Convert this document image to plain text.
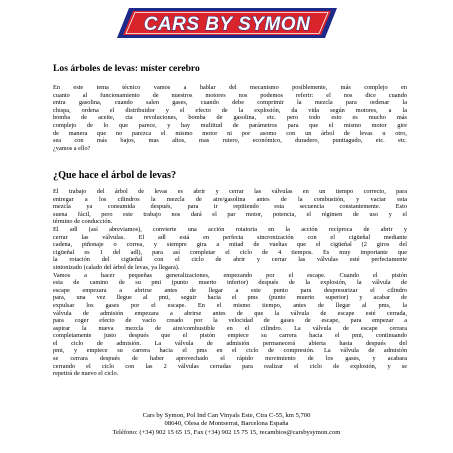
CARS BY SYMON
Los árboles de levas: míster cerebro
En este tema técnico vamos a hablar del mecanismo posiblemente, más complejo en
cuanto al funcionamiento de nuestros motores nos podemos referir: el nos dice cuando
entra gasolina, cuando salen gases, cuando debe comprimir la mezcla para ordenar la
chispa, ordena el distribuidor y el efecto de la explosión, da vida según motores, a la
bomba de aceite, cta revoluciones, bomba de gasolina, etc. pero todo esto es mucho más
complejo de lo que parece, y hay multitud de parámetros para que el mismo motor gire
de manera que no parezca el mismo motor ni por asomo con un árbol de levas u otro,
sea con más bajos, mas altos, mas rutero, económico, duradero, puntiagudo, etc. etc.
¿vamos a ello?
¿Que hace el árbol de levas?
El trabajo del árbol de levas es abrir y cerrar las válvulas en un tiempo correcto, para
entregar a los cilindros la mezcla de aire/gasolina antes de la combustión, y vaciar esta
mezcla ya consumida después, para ir repitiendo esta secuencia constantemente. Esto
suena fácil, pero este trabajo nos dará el par motor, potencia, el régimen de uso y el
término de conducción.
El adl (así abreviamos), convierte una acción rotatoria en la acción recíproca de abrir y
cerrar las válvulas. El adl está en perfecta sincronización con el cigüeñal mediante
cadena, piñonaje o correa, y siempre gira a mitad de vueltas que el cigüeñal (2 giros del
cigüeñal es 1 del adl), para así completar el ciclo de 4 tiempos. Es muy importante que
la rotación del cigüeñal con el ciclo de abrir y cerrar las válvulas esté perfectamente
sintonizado (calado del árbol de levas, ya llegara).
Vamos a hacer pequeñas generalizaciones, empezando por el escape. Cuando el pistón
esta de camino de su pmi (punto muerto inferior) después de la explosión, la válvula de
escape empezara a abrirse antes de llegar a este punto para despresurizar el cilindro
para, una vez llegue al pmi, seguir hacia el pms (punto muerto superior) y acabar de
expulsar los gases por el escape. En el mismo tiempo, antes de llegar al pms, la
válvula de admisión empezara a abrirse antes de que la válvula de escape esté cerrada,
para coger efecto de vacío creado por la velocidad de gases de escape, para empezar a
aspirar la nueva mezcla de aire/combustible en el cilindro. La válvula de escape cerrara
completamente justo después que el pistón empiece su carrera hacia el pmi, continuando
el ciclo de admisión. La válvula de admisión permanecerá abierta hasta después del
pmi, y empiece su carrera hacia el pms en el ciclo de compresión. La válvula de admisión
se cerrara después de haber aprovechado el rápido movimiento de los gases, y acabara
cerrando el ciclo con las 2 válvulas cerradas para realizar el ciclo de explosión, y se
repetirá de nuevo el ciclo.
Cars by Symon, Pol Ind Can Vinyals Este, Ctra C-55, km 5,700
08640, Olesa de Montserrat, Barcelona España
Teléfono: (+34) 902 15 65 15, Fax (+34) 902 15 75 15, recambios@carsbysymon.com
